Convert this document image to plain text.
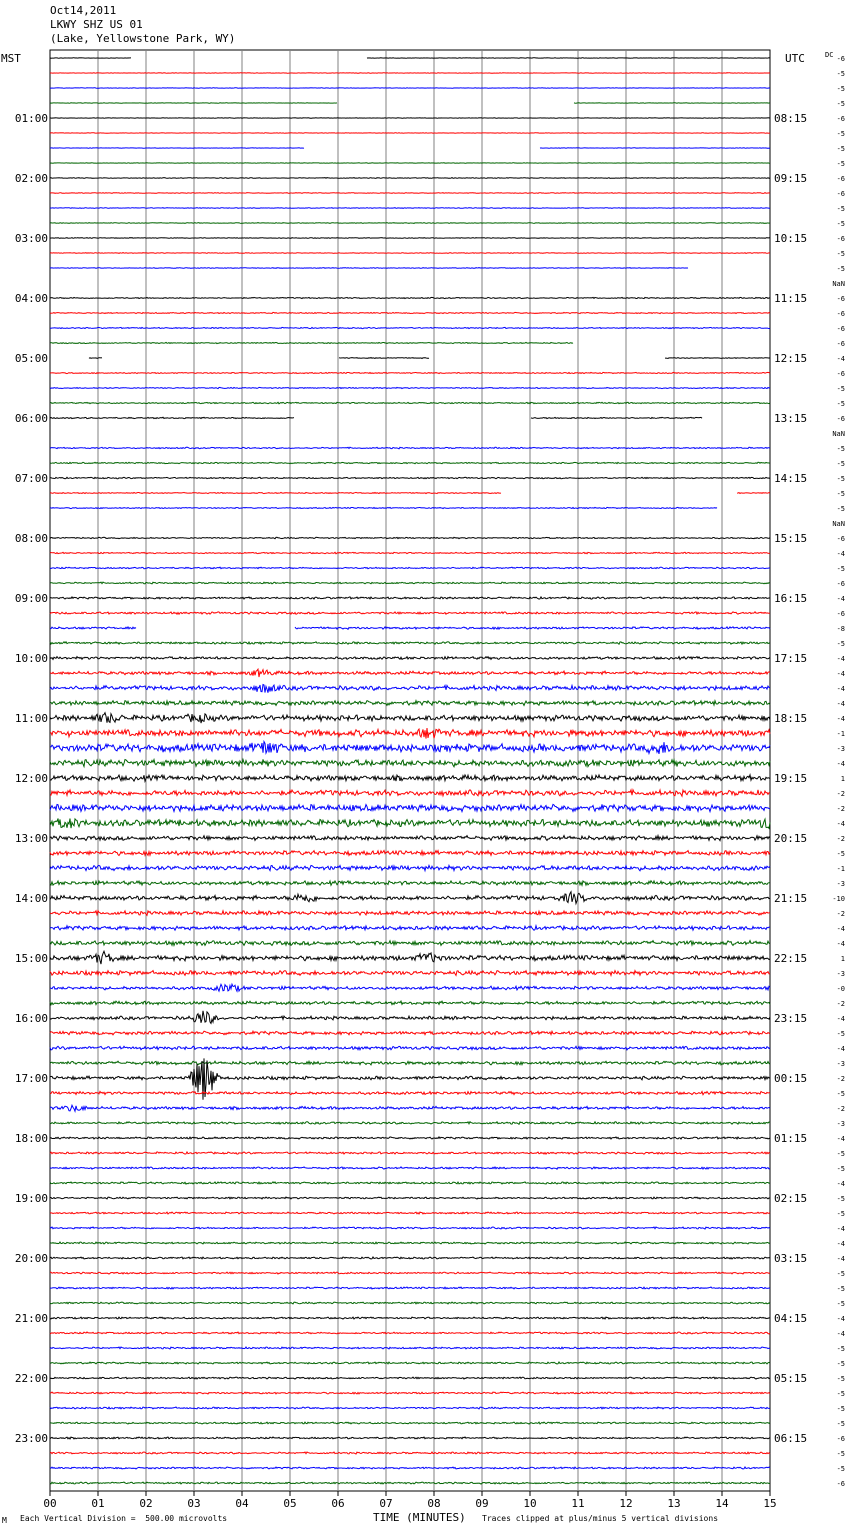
Oct14,2011
LKWY SHZ US 01
(Lake, Yellowstone Park, WY)
MST	UTC	DC
01:00	08:15
02:00	09:15
03:00	10:15
04:00	11:15
05:00	12:15
06:00	13:15
07:00	14:15
08:00	15:15
09:00	16:15
10:00	17:15
11:00	18:15
12:00	19:15
13:00	20:15
14:00	21:15
15:00	22:15
16:00	23:15
17:00	00:15
18:00	01:15
19:00	02:15
20:00	03:15
21:00	04:15
22:00	05:15
23:00	06:15
00	01	02	03	04	05	06	07	08	09	10	11	12	13	14	15
-6
-5
-5
-5
-6
-5
-5
-5
-6
-6
-5
-5
-6
-5
-5
NaN
-6
-6
-6
-6
-4
-6
-5
-5
-6
NaN
-5
-5
-5
-5
-5
NaN
-6
-4
-5
-6
-4
-6
-8
-5
-4
-4
-4
-4
-4
-1
-3
-4
1
-2
-2
-4
-2
-5
-1
-3
-10
-2
-4
-4
1
-3
-0
-2
-4
-5
-4
-3
-2
-5
-2
-3
-4
-5
-5
-4
-5
-5
-4
-4
-4
-5
-5
-5
-4
-4
-5
-5
-5
-5
-5
-5
-6
-5
-5
-6
M Each Vertical Division =  500.00 microvolts	TIME (MINUTES) Traces clipped at plus/minus 5 vertical divisions
